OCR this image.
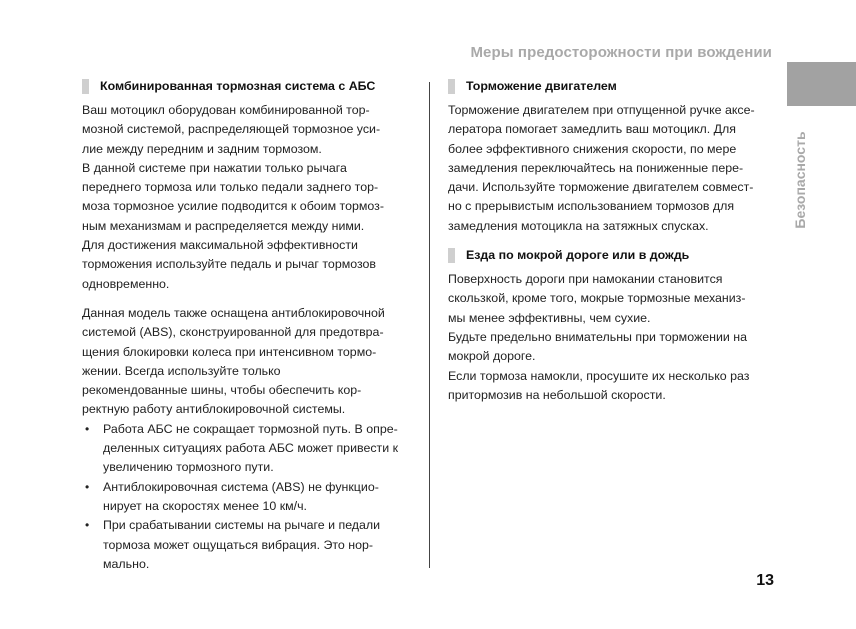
Меры предосторожности при вождении
Безопасность
Комбинированная тормозная система с АБС
Ваш мотоцикл оборудован комбинированной тор-
мозной системой, распределяющей тормозное уси-
лие между передним и задним тормозом.
В данной системе при нажатии только рычага
переднего тормоза или только педали заднего тор-
моза тормозное усилие подводится к обоим тормоз-
ным механизмам и распределяется между ними.
Для достижения максимальной эффективности
торможения используйте педаль и рычаг тормозов
одновременно.
Данная модель также оснащена антиблокировочной
системой (ABS), сконструированной для предотвра-
щения блокировки колеса при интенсивном тормо-
жении. Всегда используйте только
рекомендованные шины, чтобы обеспечить кор-
ректную работу антиблокировочной системы.
• Работа АБС не сокращает тормозной путь. В опре-
деленных ситуациях работа АБС может привести к
увеличению тормозного пути.
• Антиблокировочная система (ABS) не функцио-
нирует на скоростях менее 10 км/ч.
• При срабатывании системы на рычаге и педали
тормоза может ощущаться вибрация. Это нор-
мально.
Торможение двигателем
Торможение двигателем при отпущенной ручке аксе-
лератора помогает замедлить ваш мотоцикл. Для
более эффективного снижения скорости, по мере
замедления переключайтесь на пониженные пере-
дачи. Используйте торможение двигателем совмест-
но с прерывистым использованием тормозов для
замедления мотоцикла на затяжных спусках.
Езда по мокрой дороге или в дождь
Поверхность дороги при намокании становится
скользкой, кроме того, мокрые тормозные механиз-
мы менее эффективны, чем сухие.
Будьте предельно внимательны при торможении на
мокрой дороге.
Если тормоза намокли, просушите их несколько раз
притормозив на небольшой скорости.
13
